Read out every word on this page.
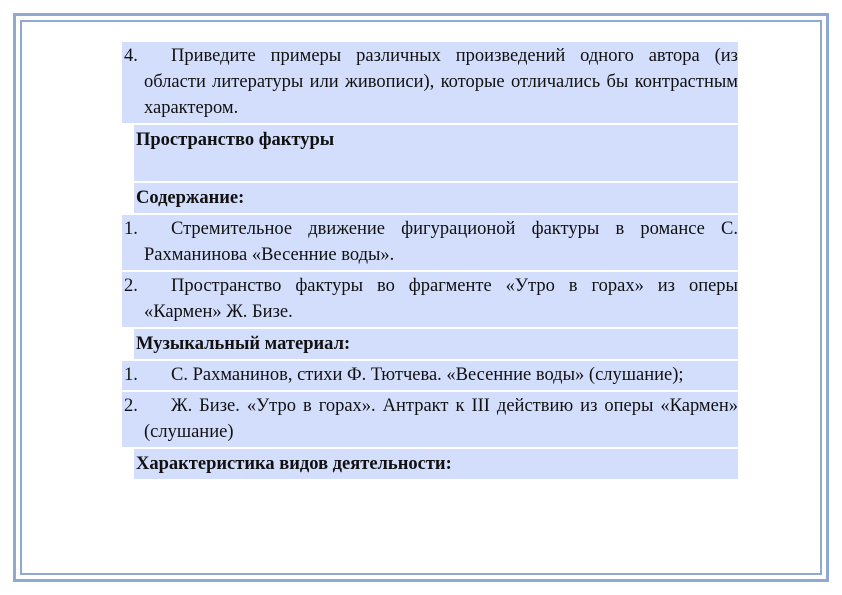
4.	Приведите примеры различных произведений одного автора (из области литературы или живописи), которые отличались бы контрастным характером.
Пространство фактуры
Содержание:
1.	Стремительное движение фигурационой фактуры в романсе С. Рахманинова «Весенние воды».
2.	Пространство фактуры во фрагменте «Утро в горах» из оперы «Кармен» Ж. Бизе.
Музыкальный материал:
1.	С. Рахманинов, стихи Ф. Тютчева. «Весенние воды» (слушание);
2.	Ж. Бизе. «Утро в горах». Антракт к III действию из оперы «Кармен» (слушание)
Характеристика видов деятельности:
